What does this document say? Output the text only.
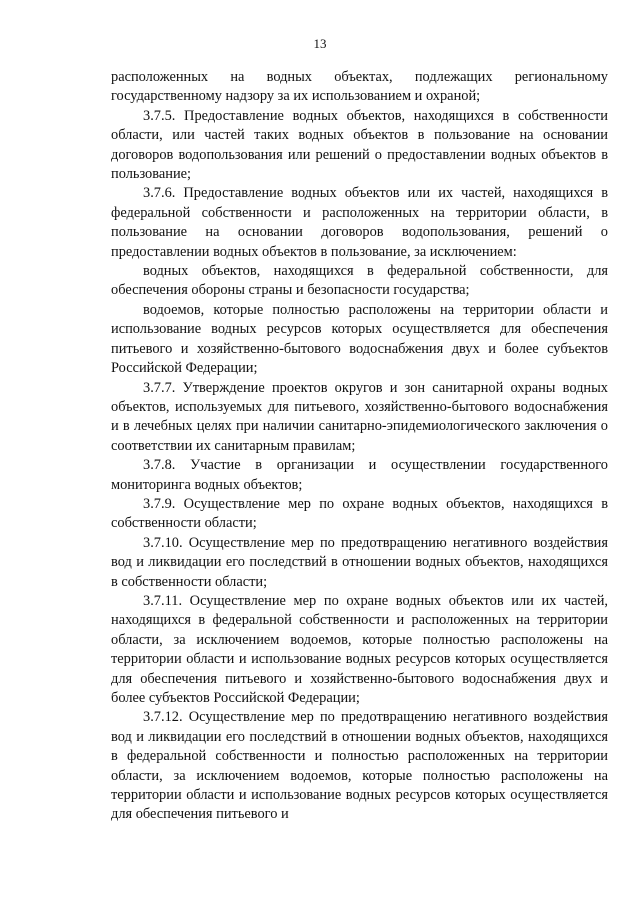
13

расположенных на водных объектах, подлежащих региональному государственному надзору за их использованием и охраной;

3.7.5. Предоставление водных объектов, находящихся в собственности области, или частей таких водных объектов в пользование на основании договоров водопользования или решений о предоставлении водных объектов в пользование;

3.7.6. Предоставление водных объектов или их частей, находящихся в федеральной собственности и расположенных на территории области, в пользование на основании договоров водопользования, решений о предоставлении водных объектов в пользование, за исключением:

водных объектов, находящихся в федеральной собственности, для обеспечения обороны страны и безопасности государства;

водоемов, которые полностью расположены на территории области и использование водных ресурсов которых осуществляется для обеспечения питьевого и хозяйственно-бытового водоснабжения двух и более субъектов Российской Федерации;

3.7.7. Утверждение проектов округов и зон санитарной охраны водных объектов, используемых для питьевого, хозяйственно-бытового водоснабжения и в лечебных целях при наличии санитарно-эпидемиологического заключения о соответствии их санитарным правилам;

3.7.8. Участие в организации и осуществлении государственного мониторинга водных объектов;

3.7.9. Осуществление мер по охране водных объектов, находящихся в собственности области;

3.7.10. Осуществление мер по предотвращению негативного воздействия вод и ликвидации его последствий в отношении водных объектов, находящихся в собственности области;

3.7.11. Осуществление мер по охране водных объектов или их частей, находящихся в федеральной собственности и расположенных на территории области, за исключением водоемов, которые полностью расположены на территории области и использование водных ресурсов которых осуществляется для обеспечения питьевого и хозяйственно-бытового водоснабжения двух и более субъектов Российской Федерации;

3.7.12. Осуществление мер по предотвращению негативного воздействия вод и ликвидации его последствий в отношении водных объектов, находящихся в федеральной собственности и полностью расположенных на территории области, за исключением водоемов, которые полностью расположены на территории области и использование водных ресурсов которых осуществляется для обеспечения питьевого и
